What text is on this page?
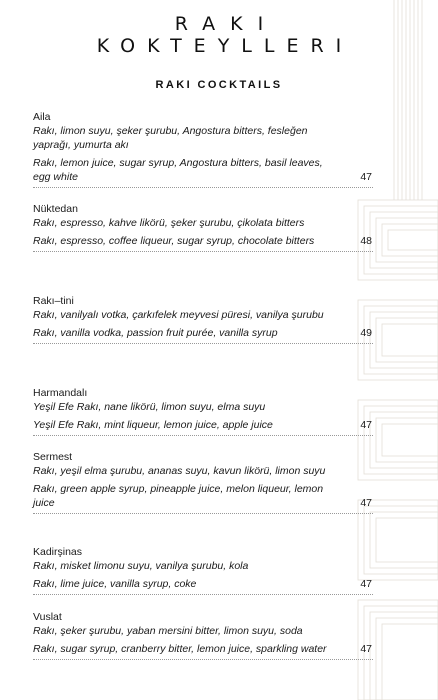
RAKI
KOKTEYLLERI
RAKI COCKTAILS
Aila
Rakı, limon suyu, şeker şurubu, Angostura bitters, fesleğen yaprağı, yumurta akı
Rakı, lemon juice, sugar syrup, Angostura bitters, basil leaves, egg white	47
Nüktedan
Rakı, espresso, kahve likörü, şeker şurubu, çikolata bitters
Rakı, espresso, coffee liqueur, sugar syrup, chocolate bitters	48
Rakı–tini
Rakı, vanilyalı votka, çarkıfelek meyvesi püresi, vanilya şurubu
Rakı, vanilla vodka, passion fruit purée, vanilla syrup	49
Harmandalı
Yeşil Efe Rakı, nane likörü, limon suyu, elma suyu
Yeşil Efe Rakı, mint liqueur, lemon juice, apple juice	47
Sermest
Rakı, yeşil elma şurubu, ananas suyu, kavun likörü, limon suyu
Rakı, green apple syrup, pineapple juice, melon liqueur, lemon juice	47
Kadirşinas
Rakı, misket limonu suyu, vanilya şurubu, kola
Rakı, lime juice, vanilla syrup, coke	47
Vuslat
Rakı, şeker şurubu, yaban mersini bitter, limon suyu, soda
Rakı, sugar syrup, cranberry bitter, lemon juice, sparkling water	47
